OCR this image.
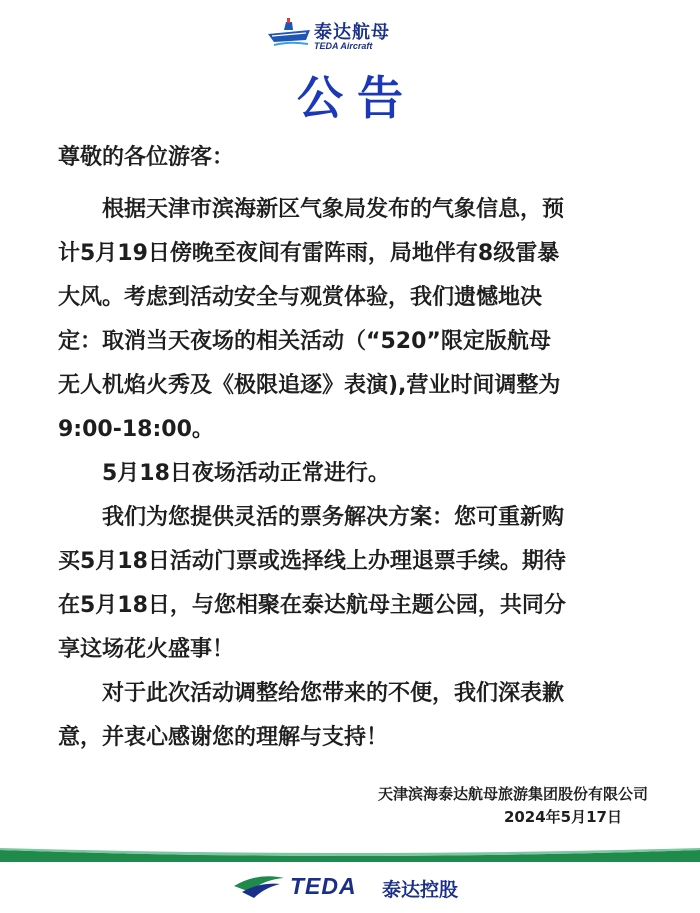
泰达航母
TEDA Aircraft
公告
尊敬的各位游客：
　　根据天津市滨海新区气象局发布的气象信息，预
计5月19日傍晚至夜间有雷阵雨，局地伴有8级雷暴
大风。考虑到活动安全与观赏体验，我们遗憾地决
定：取消当天夜场的相关活动（“520”限定版航母
无人机焰火秀及《极限追逐》表演),营业时间调整为
9:00-18:00。
　　5月18日夜场活动正常进行。
　　我们为您提供灵活的票务解决方案：您可重新购
买5月18日活动门票或选择线上办理退票手续。期待
在5月18日，与您相聚在泰达航母主题公园，共同分
享这场花火盛事！
　　对于此次活动调整给您带来的不便，我们深表歉
意，并衷心感谢您的理解与支持！
天津滨海泰达航母旅游集团股份有限公司
2024年5月17日
TEDA 泰达控股
